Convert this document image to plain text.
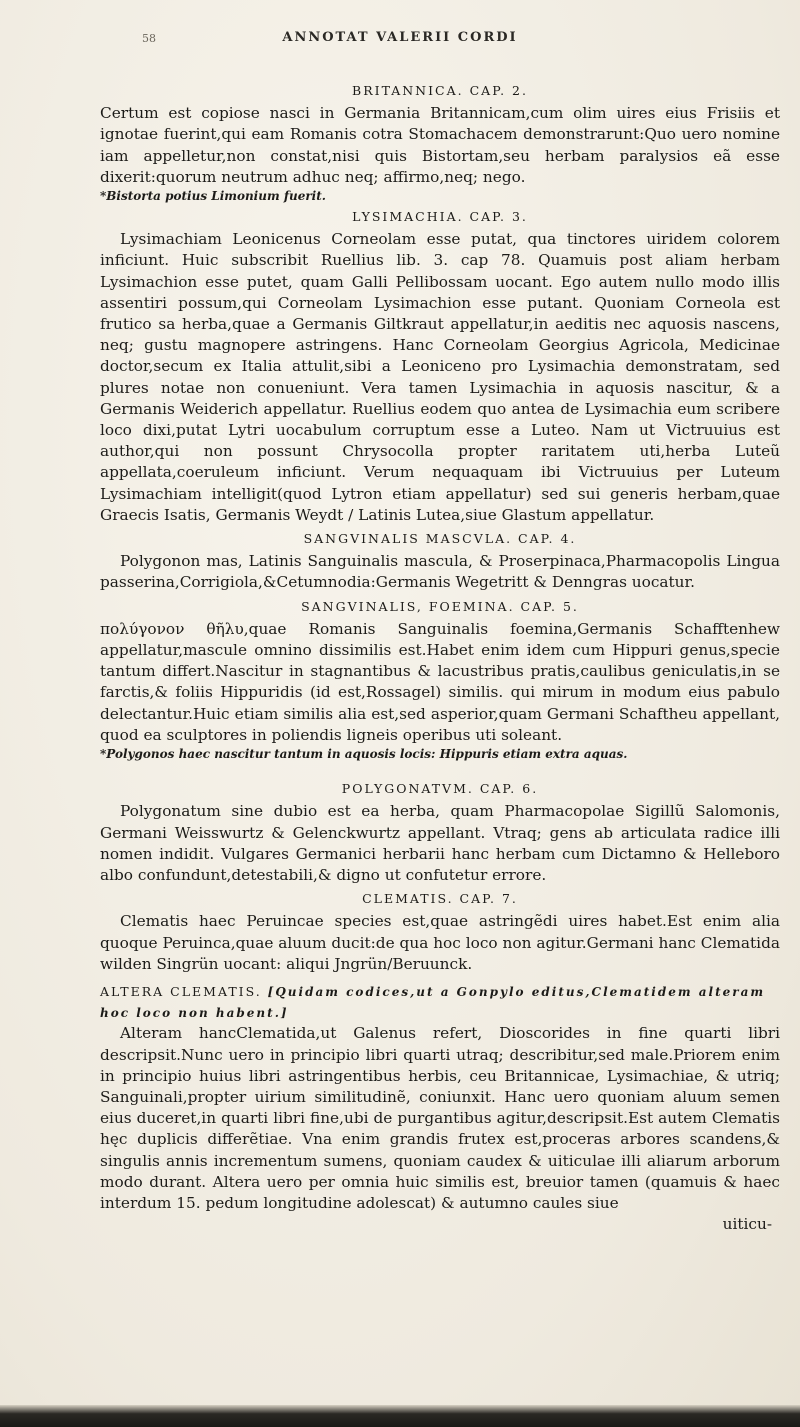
58	ANNOTAT VALERII CORDI
BRITANNICA. CAP. 2.

Certum est copiose nasci in Germania Britannicam,cum olim uires eius Frisiis et ignotae fuerint,qui eam Romanis cotra Stomachacem demonstrarunt:Quo uero nomine iam appelletur,non constat,nisi quis Bistortam,seu herbam paralysios eã esse dixerit:quorum neutrum adhuc neq; affirmo,neq; nego.

*Bistorta potius Limonium fuerit.
LYSIMACHIA. CAP. 3.

Lysimachiam Leonicenus Corneolam esse putat, qua tinctores uiridem colorem inficiunt. Huic subscribit Ruellius lib. 3. cap 78. Quamuis post aliam herbam Lysimachion esse putet, quam Galli Pellibossam uocant. Ego autem nullo modo illis assentiri possum,qui Corneolam Lysimachion esse putant. Quoniam Corneola est frutico sa herba,quae a Germanis Giltkraut appellatur,in aeditis nec aquosis nascens, neq; gustu magnopere astringens. Hanc Corneolam Georgius Agricola, Medicinae doctor,secum ex Italia attulit,sibi a Leoniceno pro Lysimachia demonstratam, sed plures notae non conueniunt. Vera tamen Lysimachia in aquosis nascitur, & a Germanis Weiderich appellatur. Ruellius eodem quo antea de Lysimachia eum scribere loco dixi,putat Lytri uocabulum corruptum esse a Luteo. Nam ut Victruuius est author,qui non possunt Chrysocolla propter raritatem uti,herba Luteũ appellata,coeruleum inficiunt. Verum nequaquam ibi Victruuius per Luteum Lysimachiam intelligit(quod Lytron etiam appellatur) sed sui generis herbam,quae Graecis Isatis, Germanis Weydt / Latinis Lutea,siue Glastum appellatur.

SANGVINALIS MASCVLA. CAP. 4.

Polygonon mas, Latinis Sanguinalis mascula, & Proserpinaca,Pharmacopolis Lingua passerina,Corrigiola,&Cetumnodia:Germanis Wegetritt & Denngras uocatur.

SANGVINALIS, FOEMINA. CAP. 5.

πολύγονον θῆλυ,quae Romanis Sanguinalis foemina,Germanis Schafftenhew appellatur,mascule omnino dissimilis est.Habet enim idem cum Hippuri genus,specie tantum differt.Nascitur in stagnantibus & lacustribus pratis,caulibus geniculatis,in se farctis,& foliis Hippuridis (id est,Rossagel) similis. qui mirum in modum eius pabulo delectantur.Huic etiam similis alia est,sed asperior,quam Germani Schaftheu appellant, quod ea sculptores in poliendis ligneis operibus uti soleant.

*Polygonos haec nascitur tantum in aquosis locis: Hippuris etiam extra aquas.
POLYGONATVM. CAP. 6.

Polygonatum sine dubio est ea herba, quam Pharmacopolae Sigillũ Salomonis, Germani Weisswurtz & Gelenckwurtz appellant. Vtraq; gens ab articulata radice illi nomen indidit. Vulgares Germanici herbarii hanc herbam cum Dictamno & Helleboro albo confundunt,detestabili,& digno ut confutetur errore.

CLEMATIS. CAP. 7.

Clematis haec Peruincae species est,quae astringẽdi uires habet.Est enim alia quoque Peruinca,quae aluum ducit:de qua hoc loco non agitur.Germani hanc Clematida wilden Singrün uocant: aliqui Jngrün/Beruunck.

ALTERA CLEMATIS. [Quidam codices,ut a Gonpylo editus,Clematidem alteram hoc loco non habent.]

Alteram hancClematida,ut Galenus refert, Dioscorides in fine quarti libri descripsit.Nunc uero in principio libri quarti utraq; describitur,sed male.Priorem enim in principio huius libri astringentibus herbis, ceu Britannicae, Lysimachiae, & utriq; Sanguinali,propter uirium similitudinẽ, coniunxit. Hanc uero quoniam aluum semen eius duceret,in quarti libri fine,ubi de purgantibus agitur,descripsit.Est autem Clematis hęc duplicis differẽtiae. Vna enim grandis frutex est,proceras arbores scandens,& singulis annis incrementum sumens, quoniam caudex & uiticulae illi aliarum arborum modo durant. Altera uero per omnia huic similis est, breuior tamen (quamuis & haec interdum 15. pedum longitudine adolescat) & autumno caules siue

uiticu-
